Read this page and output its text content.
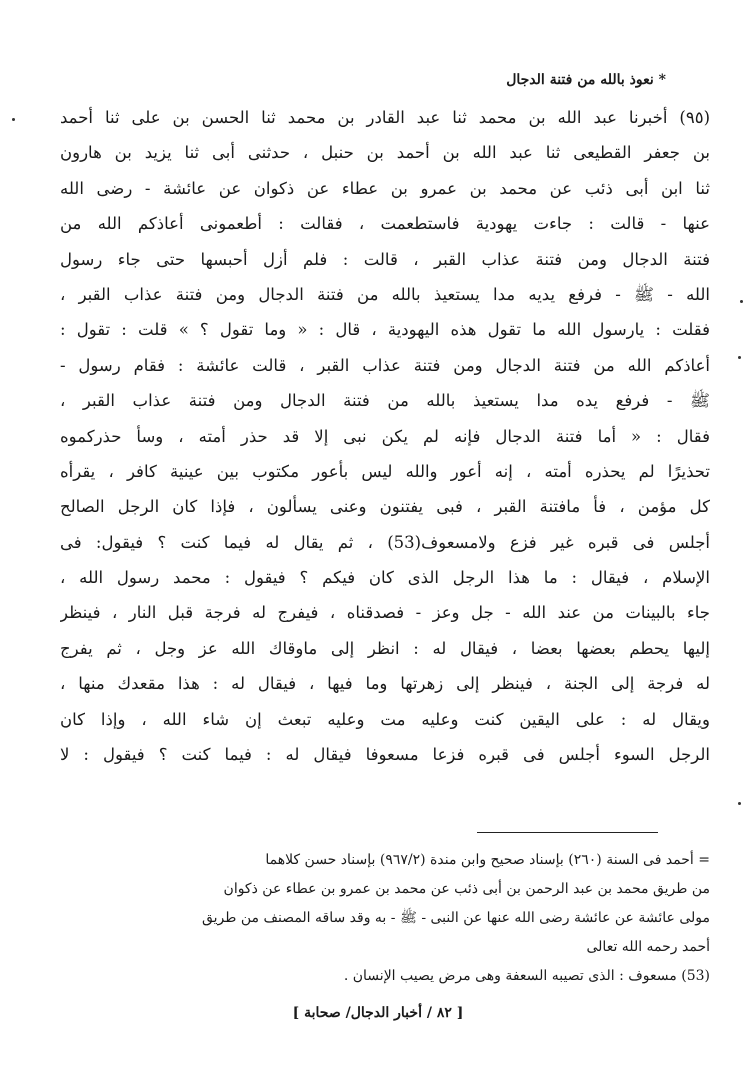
* نعوذ بالله من فتنة الدجال
(٩٥) أخبرنا عبد الله بن محمد ثنا عبد القادر بن محمد ثنا الحسن بن على ثنا أحمد
بن جعفر القطيعى ثنا عبد الله بن أحمد بن حنبل ، حدثنى أبى ثنا يزيد بن هارون
ثنا ابن أبى ذئب عن محمد بن عمرو بن عطاء عن ذكوان عن عائشة - رضى الله
عنها - قالت : جاءت يهودية فاستطعمت ، فقالت : أطعمونى أعاذكم الله من
فتنة الدجال ومن فتنة عذاب القبر ، قالت : فلم أزل أحبسها حتى جاء رسول
الله - ﷺ - فرفع يديه مدا يستعيذ بالله من فتنة الدجال ومن فتنة عذاب القبر ،
فقلت : يارسول الله ما تقول هذه اليهودية ، قال : « وما تقول ؟ » قلت : تقول :
أعاذكم الله من فتنة الدجال ومن فتنة عذاب القبر ، قالت عائشة : فقام رسول -
ﷺ - فرفع يده مدا يستعيذ بالله من فتنة الدجال ومن فتنة عذاب القبر ،
فقال : « أما فتنة الدجال فإنه لم يكن نبى إلا قد حذر أمته ، وسأ حذركموه
تحذيرًا لم يحذره أمته ، إنه أعور والله ليس بأعور مكتوب بين عينية كافر ، يقرأه
كل مؤمن ، فأ مافتنة القبر ، فبى يفتنون وعنى يسألون ، فإذا كان الرجل الصالح
أجلس فى قبره غير فزع ولامسعوف(53) ، ثم يقال له فيما كنت ؟ فيقول: فى
الإسلام ، فيقال : ما هذا الرجل الذى كان فيكم ؟ فيقول : محمد رسول الله ،
جاء بالبينات من عند الله - جل وعز - فصدقناه ، فيفرج له فرجة قبل النار ، فينظر
إليها يحطم بعضها بعضا ، فيقال له : انظر إلى ماوقاك الله عز وجل ، ثم يفرج
له فرجة إلى الجنة ، فينظر إلى زهرتها وما فيها ، فيقال له : هذا مقعدك منها ،
ويقال له : على اليقين كنت وعليه مت وعليه تبعث إن شاء الله ، وإذا كان
الرجل السوء أجلس فى قبره فزعا مسعوفا فيقال له : فيما كنت ؟ فيقول : لا
= أحمد فى السنة (٢٦٠) بإسناد صحيح وابن مندة (٩٦٧/٢) بإسناد حسن كلاهما
من طريق محمد بن عبد الرحمن بن أبى ذئب عن محمد بن عمرو بن عطاء عن ذكوان
مولى عائشة عن عائشة رضى الله عنها عن النبى - ﷺ - به وقد ساقه المصنف من طريق
أحمد رحمه الله تعالى
(53) مسعوف : الذى تصيبه السعفة وهى مرض يصيب الإنسان .
[ ٨٢ / أخبار الدجال/ صحابة ]
